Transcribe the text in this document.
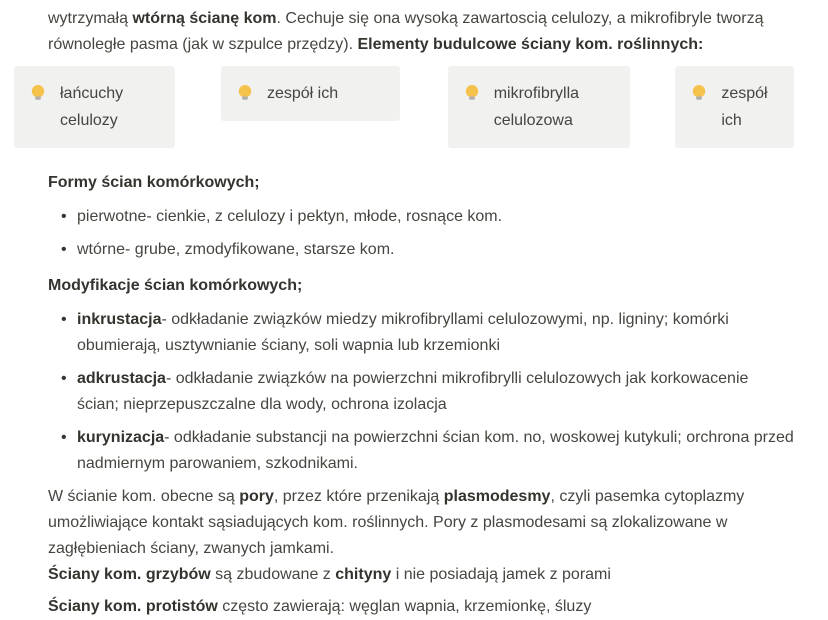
wytrzymałą wtórną ścianę kom. Cechuje się ona wysoką zawartoscią celulozy, a mikrofibryle tworzą równoległe pasma (jak w szpulce przędzy). Elementy budulcowe ściany kom. roślinnych:

łańcuchy celulozy
zespół ich	mikrofibrylla celulozowa
zespół ich
Formy ścian komórkowych;
• pierwotne- cienkie, z celulozy i pektyn, młode, rosnące kom.
• wtórne- grube, zmodyfikowane, starsze kom.
Modyfikacje ścian komórkowych;
• inkrustacja- odkładanie związków miedzy mikrofibryllami celulozowymi, np. ligniny; komórki obumierają, usztywnianie ściany, soli wapnia lub krzemionki
• adkrustacja- odkładanie związków na powierzchni mikrofibrylli celulozowych jak korkowacenie ścian; nieprzepuszczalne dla wody, ochrona izolacja
• kurynizacja- odkładanie substancji na powierzchni ścian kom. no, woskowej kutykuli; orchrona przed nadmiernym parowaniem, szkodnikami.

W ścianie kom. obecne są pory, przez które przenikają plasmodesmy, czyli pasemka cytoplazmy umożliwiające kontakt sąsiadujących kom. roślinnych. Pory z plasmodesami są zlokalizowane w zagłębieniach ściany, zwanych jamkami.

Ściany kom. grzybów są zbudowane z chityny i nie posiadają jamek z porami

Ściany kom. protistów często zawierają: węglan wapnia, krzemionkę, śluzy
